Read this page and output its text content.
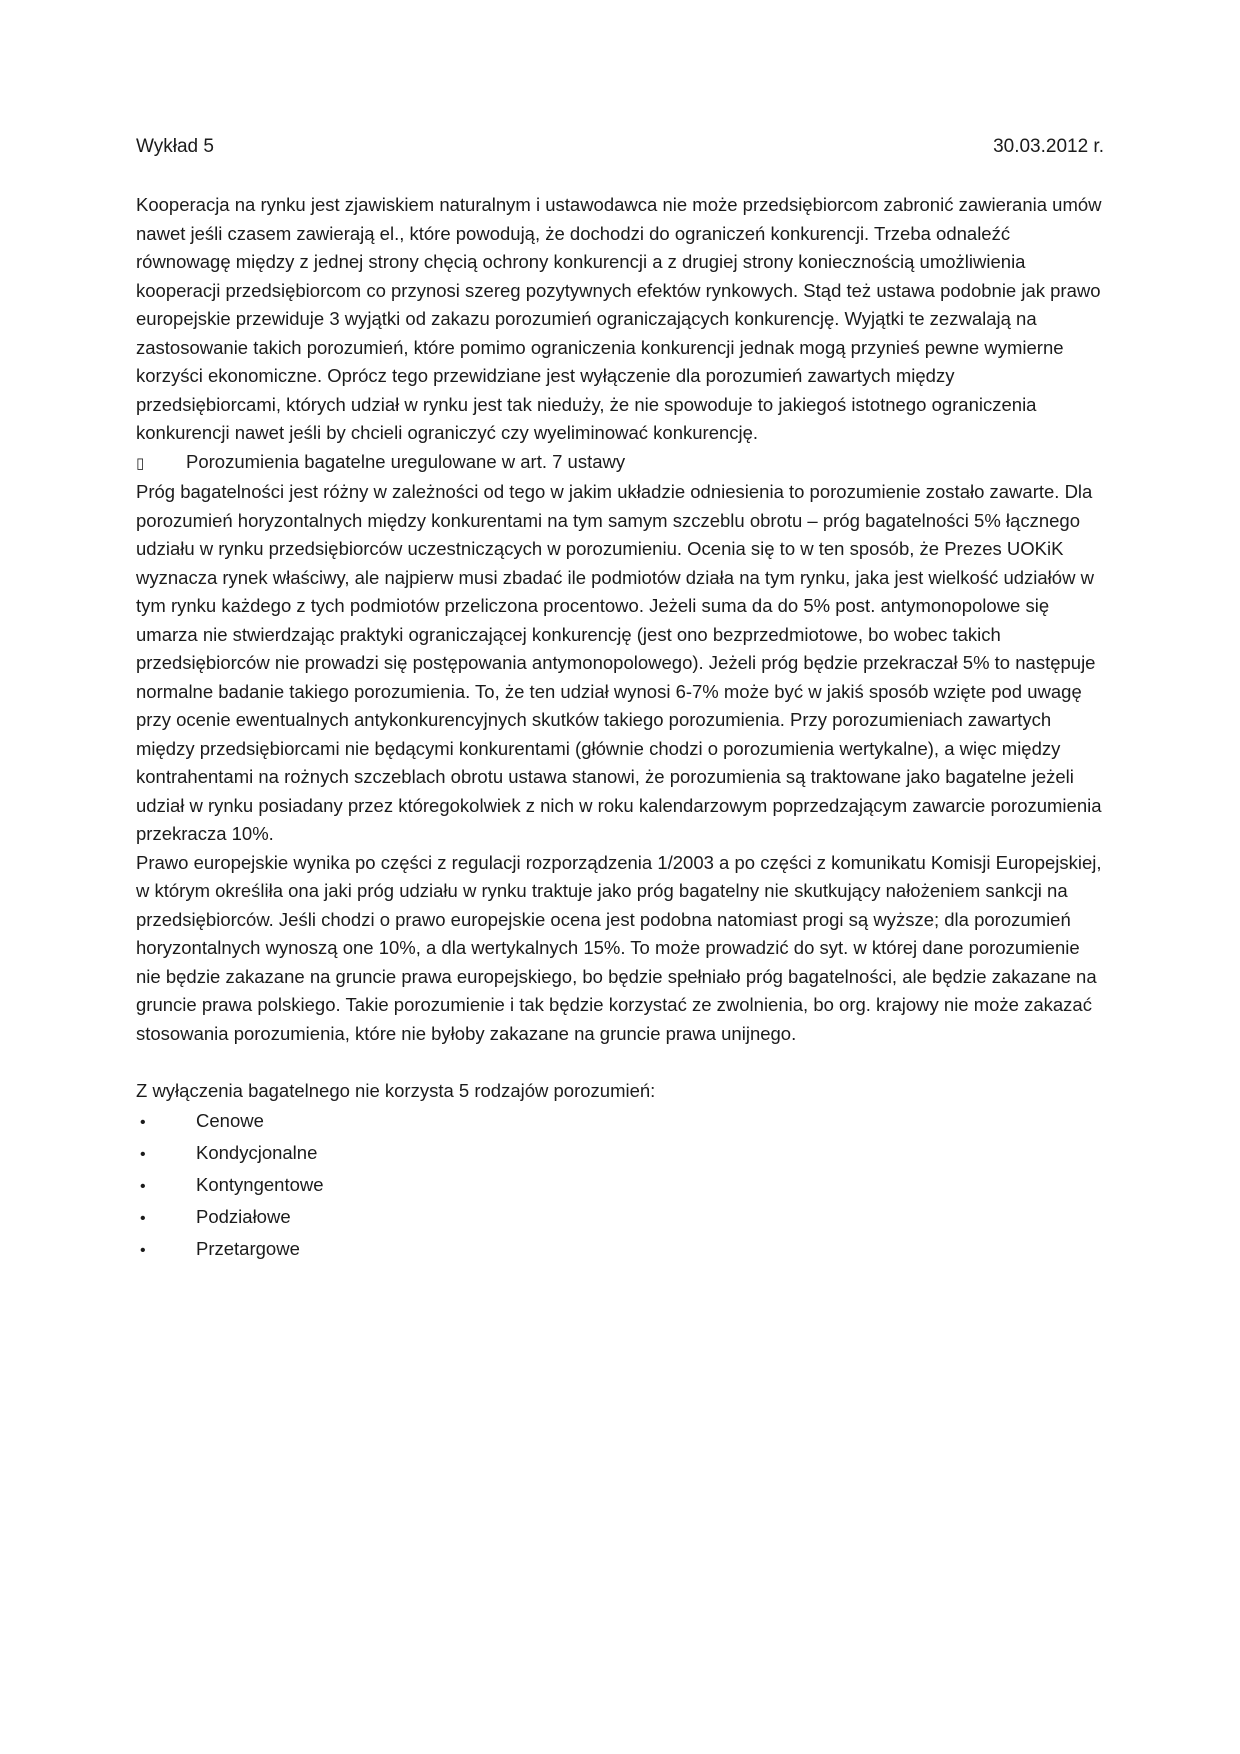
Wykład 5	30.03.2012 r.

Kooperacja na rynku jest zjawiskiem naturalnym i ustawodawca nie może przedsiębiorcom zabronić zawierania umów nawet jeśli czasem zawierają el., które powodują, że dochodzi do ograniczeń konkurencji. Trzeba odnaleźć równowagę między z jednej strony chęcią ochrony konkurencji a z drugiej strony koniecznością umożliwienia kooperacji przedsiębiorcom co przynosi szereg pozytywnych efektów rynkowych. Stąd też ustawa podobnie jak prawo europejskie przewiduje 3 wyjątki od zakazu porozumień ograniczających konkurencję. Wyjątki te zezwalają na zastosowanie takich porozumień, które pomimo ograniczenia konkurencji jednak mogą przynieś pewne wymierne korzyści ekonomiczne. Oprócz tego przewidziane jest wyłączenie dla porozumień zawartych między przedsiębiorcami, których udział w rynku jest tak nieduży, że nie spowoduje to jakiegoś istotnego ograniczenia konkurencji nawet jeśli by chcieli ograniczyć czy wyeliminować konkurencję.

▯	Porozumienia bagatelne uregulowane w art. 7 ustawy

Próg bagatelności jest różny w zależności od tego w jakim układzie odniesienia to porozumienie zostało zawarte. Dla porozumień horyzontalnych między konkurentami na tym samym szczeblu obrotu – próg bagatelności 5% łącznego udziału w rynku przedsiębiorców uczestniczących w porozumieniu. Ocenia się to w ten sposób, że Prezes UOKiK wyznacza rynek właściwy, ale najpierw musi zbadać ile podmiotów działa na tym rynku, jaka jest wielkość udziałów w tym rynku każdego z tych podmiotów przeliczona procentowo. Jeżeli suma da do 5% post. antymonopolowe się umarza nie stwierdzając praktyki ograniczającej konkurencję (jest ono bezprzedmiotowe, bo wobec takich przedsiębiorców nie prowadzi się postępowania antymonopolowego). Jeżeli próg będzie przekraczał 5% to następuje normalne badanie takiego porozumienia. To, że ten udział wynosi 6-7% może być w jakiś sposób wzięte pod uwagę przy ocenie ewentualnych antykonkurencyjnych skutków takiego porozumienia. Przy porozumieniach zawartych między przedsiębiorcami nie będącymi konkurentami (głównie chodzi o porozumienia wertykalne), a więc między kontrahentami na rożnych szczeblach obrotu ustawa stanowi, że porozumienia są traktowane jako bagatelne jeżeli udział w rynku posiadany przez któregokolwiek z nich w roku kalendarzowym poprzedzającym zawarcie porozumienia przekracza 10%.

Prawo europejskie wynika po części z regulacji rozporządzenia 1/2003 a po części z komunikatu Komisji Europejskiej, w którym określiła ona jaki próg udziału w rynku traktuje jako próg bagatelny nie skutkujący nałożeniem sankcji na przedsiębiorców. Jeśli chodzi o prawo europejskie ocena jest podobna natomiast progi są wyższe; dla porozumień horyzontalnych wynoszą one 10%, a dla wertykalnych 15%. To może prowadzić do syt. w której dane porozumienie nie będzie zakazane na gruncie prawa europejskiego, bo będzie spełniało próg bagatelności, ale będzie zakazane na gruncie prawa polskiego. Takie porozumienie i tak będzie korzystać ze zwolnienia, bo org. krajowy nie może zakazać stosowania porozumienia, które nie byłoby zakazane na gruncie prawa unijnego.

Z wyłączenia bagatelnego nie korzysta 5 rodzajów porozumień:

•	Cenowe
•	Kondycjonalne
•	Kontyngentowe
•	Podziałowe
•	Przetargowe
